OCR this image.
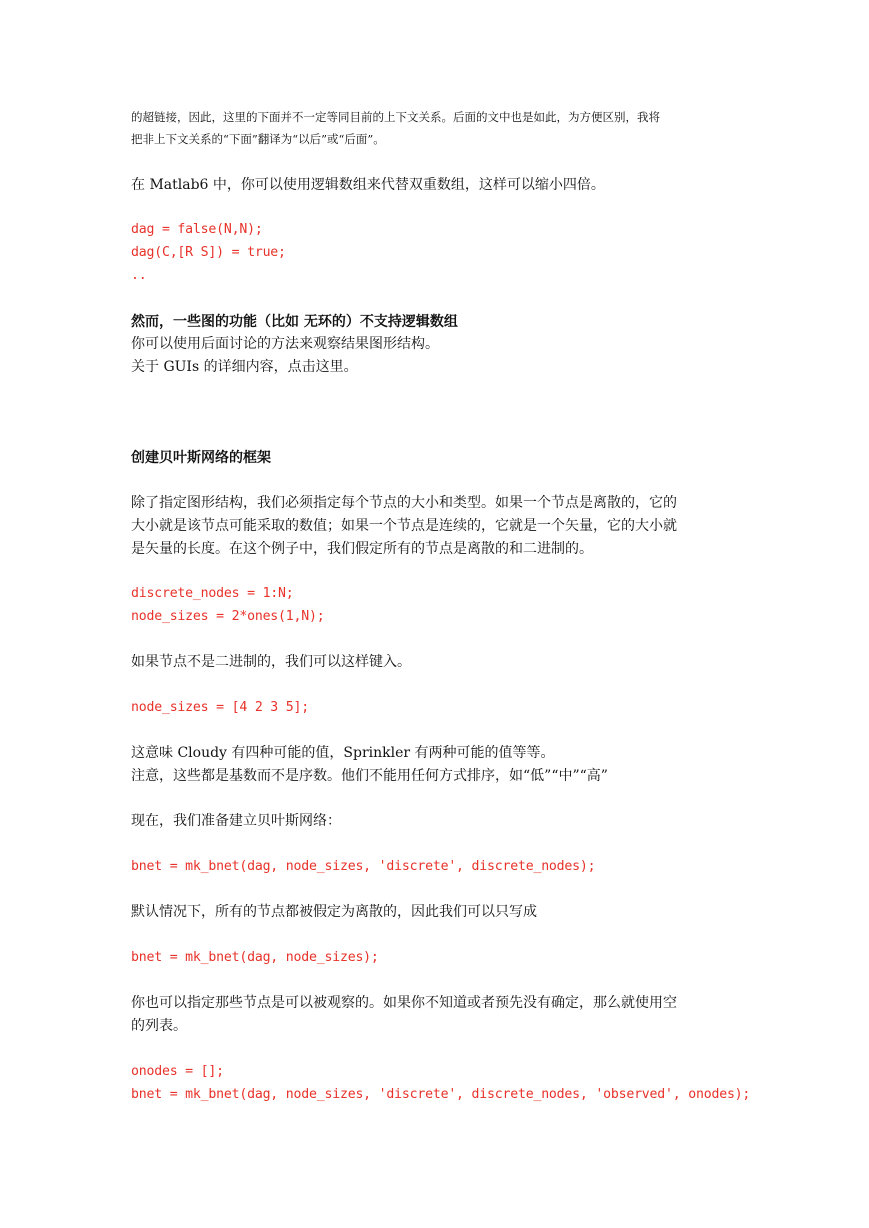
的超链接，因此，这里的下面并不一定等同目前的上下文关系。后面的文中也是如此，为方便区别，我将
把非上下文关系的“下面”翻译为“以后”或“后面”。
在 Matlab6 中，你可以使用逻辑数组来代替双重数组，这样可以缩小四倍。
dag = false(N,N);
dag(C,[R S]) = true;
..
然而，一些图的功能（比如 无环的）不支持逻辑数组
你可以使用后面讨论的方法来观察结果图形结构。
关于 GUIs 的详细内容，点击这里。
创建贝叶斯网络的框架
除了指定图形结构，我们必须指定每个节点的大小和类型。如果一个节点是离散的，它的
大小就是该节点可能采取的数值；如果一个节点是连续的，它就是一个矢量，它的大小就
是矢量的长度。在这个例子中，我们假定所有的节点是离散的和二进制的。
discrete_nodes = 1:N;
node_sizes = 2*ones(1,N);
如果节点不是二进制的，我们可以这样键入。
node_sizes = [4 2 3 5];
这意味 Cloudy 有四种可能的值，Sprinkler 有两种可能的值等等。
注意，这些都是基数而不是序数。他们不能用任何方式排序，如“低”“中”“高”
现在，我们准备建立贝叶斯网络：
bnet = mk_bnet(dag, node_sizes, 'discrete', discrete_nodes);
默认情况下，所有的节点都被假定为离散的，因此我们可以只写成
bnet = mk_bnet(dag, node_sizes);
你也可以指定那些节点是可以被观察的。如果你不知道或者预先没有确定，那么就使用空
的列表。
onodes = [];
bnet = mk_bnet(dag, node_sizes, 'discrete', discrete_nodes, 'observed', onodes);
